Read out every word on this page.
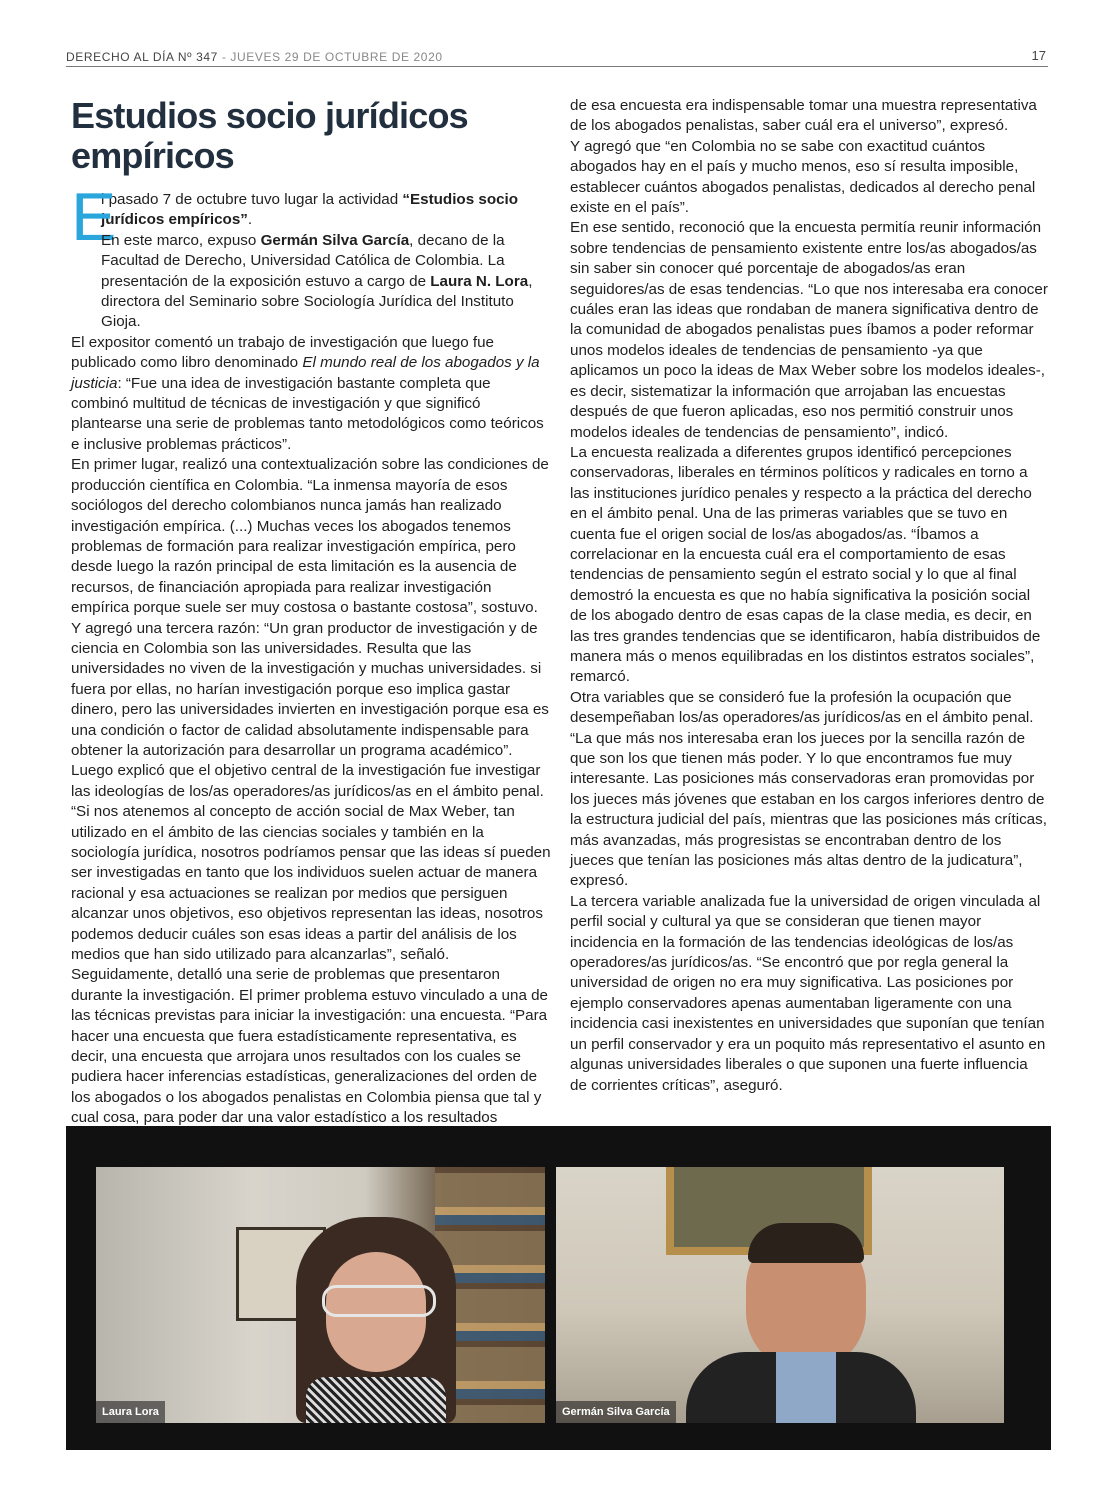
DERECHO AL DÍA Nº 347 - JUEVES 29 DE OCTUBRE DE 2020	17
Estudios socio jurídicos empíricos

E
l pasado 7 de octubre tuvo lugar la actividad “Estudios socio jurídicos empíricos”.

En este marco, expuso Germán Silva García, decano de la Facultad de Derecho, Universidad Católica de Colombia. La presentación de la exposición estuvo a cargo de Laura N. Lora, directora del Seminario sobre Sociología Jurídica del Instituto Gioja.

El expositor comentó un trabajo de investigación que luego fue publicado como libro denominado El mundo real de los abogados y la justicia: “Fue una idea de investigación bastante completa que combinó multitud de técnicas de investigación y que significó plantearse una serie de problemas tanto metodológicos como teóricos e inclusive problemas prácticos”.

En primer lugar, realizó una contextualización sobre las condiciones de producción científica en Colombia. “La inmensa mayoría de esos sociólogos del derecho colombianos nunca jamás han realizado investigación empírica. (...) Muchas veces los abogados tenemos problemas de formación para realizar investigación empírica, pero desde luego la razón principal de esta limitación es la ausencia de recursos, de financiación apropiada para realizar investigación empírica porque suele ser muy costosa o bastante costosa”, sostuvo. Y agregó una tercera razón: “Un gran productor de investigación y de ciencia en Colombia son las universidades. Resulta que las universidades no viven de la investigación y muchas universidades. si fuera por ellas, no harían investigación porque eso implica gastar dinero, pero las universidades invierten en investigación porque esa es una condición o factor de calidad absolutamente indispensable para obtener la autorización para desarrollar un programa académico”.

Luego explicó que el objetivo central de la investigación fue investigar las ideologías de los/as operadores/as jurídicos/as en el ámbito penal. “Si nos atenemos al concepto de acción social de Max Weber, tan utilizado en el ámbito de las ciencias sociales y también en la sociología jurídica, nosotros podríamos pensar que las ideas sí pueden ser investigadas en tanto que los individuos suelen actuar de manera racional y esa actuaciones se realizan por medios que persiguen alcanzar unos objetivos, eso objetivos representan las ideas, nosotros podemos deducir cuáles son esas ideas a partir del análisis de los medios que han sido utilizado para alcanzarlas”, señaló.

Seguidamente, detalló una serie de problemas que presentaron durante la investigación. El primer problema estuvo vinculado a una de las técnicas previstas para iniciar la investigación: una encuesta. “Para hacer una encuesta que fuera estadísticamente representativa, es decir, una encuesta que arrojara unos resultados con los cuales se pudiera hacer inferencias estadísticas, generalizaciones del orden de los abogados o los abogados penalistas en Colombia piensa que tal y cual cosa, para poder dar una valor estadístico a los resultados

de esa encuesta era indispensable tomar una muestra representativa de los abogados penalistas, saber cuál era el universo”, expresó.

Y agregó que “en Colombia no se sabe con exactitud cuántos abogados hay en el país y mucho menos, eso sí resulta imposible, establecer cuántos abogados penalistas, dedicados al derecho penal existe en el país”.

En ese sentido, reconoció que la encuesta permitía reunir información sobre tendencias de pensamiento existente entre los/as abogados/as sin saber sin conocer qué porcentaje de abogados/as eran seguidores/as de esas tendencias. “Lo que nos interesaba era conocer cuáles eran las ideas que rondaban de manera significativa dentro de la comunidad de abogados penalistas pues íbamos a poder reformar unos modelos ideales de tendencias de pensamiento -ya que aplicamos un poco la ideas de Max Weber sobre los modelos ideales-, es decir, sistematizar la información que arrojaban las encuestas después de que fueron aplicadas, eso nos permitió construir unos modelos ideales de tendencias de pensamiento”, indicó.

La encuesta realizada a diferentes grupos identificó percepciones conservadoras, liberales en términos políticos y radicales en torno a las instituciones jurídico penales y respecto a la práctica del derecho en el ámbito penal. Una de las primeras variables que se tuvo en cuenta fue el origen social de los/as abogados/as. “Íbamos a correlacionar en la encuesta cuál era el comportamiento de esas tendencias de pensamiento según el estrato social y lo que al final demostró la encuesta es que no había significativa la posición social de los abogado dentro de esas capas de la clase media, es decir, en las tres grandes tendencias que se identificaron, había distribuidos de manera más o menos equilibradas en los distintos estratos sociales”, remarcó.

Otra variables que se consideró fue la profesión la ocupación que desempeñaban los/as operadores/as jurídicos/as en el ámbito penal. “La que más nos interesaba eran los jueces por la sencilla razón de que son los que tienen más poder. Y lo que encontramos fue muy interesante. Las posiciones más conservadoras eran promovidas por los jueces más jóvenes que estaban en los cargos inferiores dentro de la estructura judicial del país, mientras que las posiciones más críticas, más avanzadas, más progresistas se encontraban dentro de los jueces que tenían las posiciones más altas dentro de la judicatura”, expresó.

La tercera variable analizada fue la universidad de origen vinculada al perfil social y cultural ya que se consideran que tienen mayor incidencia en la formación de las tendencias ideológicas de los/as operadores/as jurídicos/as. “Se encontró que por regla general la universidad de origen no era muy significativa. Las posiciones por ejemplo conservadores apenas aumentaban ligeramente con una incidencia casi inexistentes en universidades que suponían que tenían un perfil conservador y era un poquito más representativo el asunto en algunas universidades liberales o que suponen una fuerte influencia de corrientes críticas”, aseguró.

Laura Lora	Germán Silva García
